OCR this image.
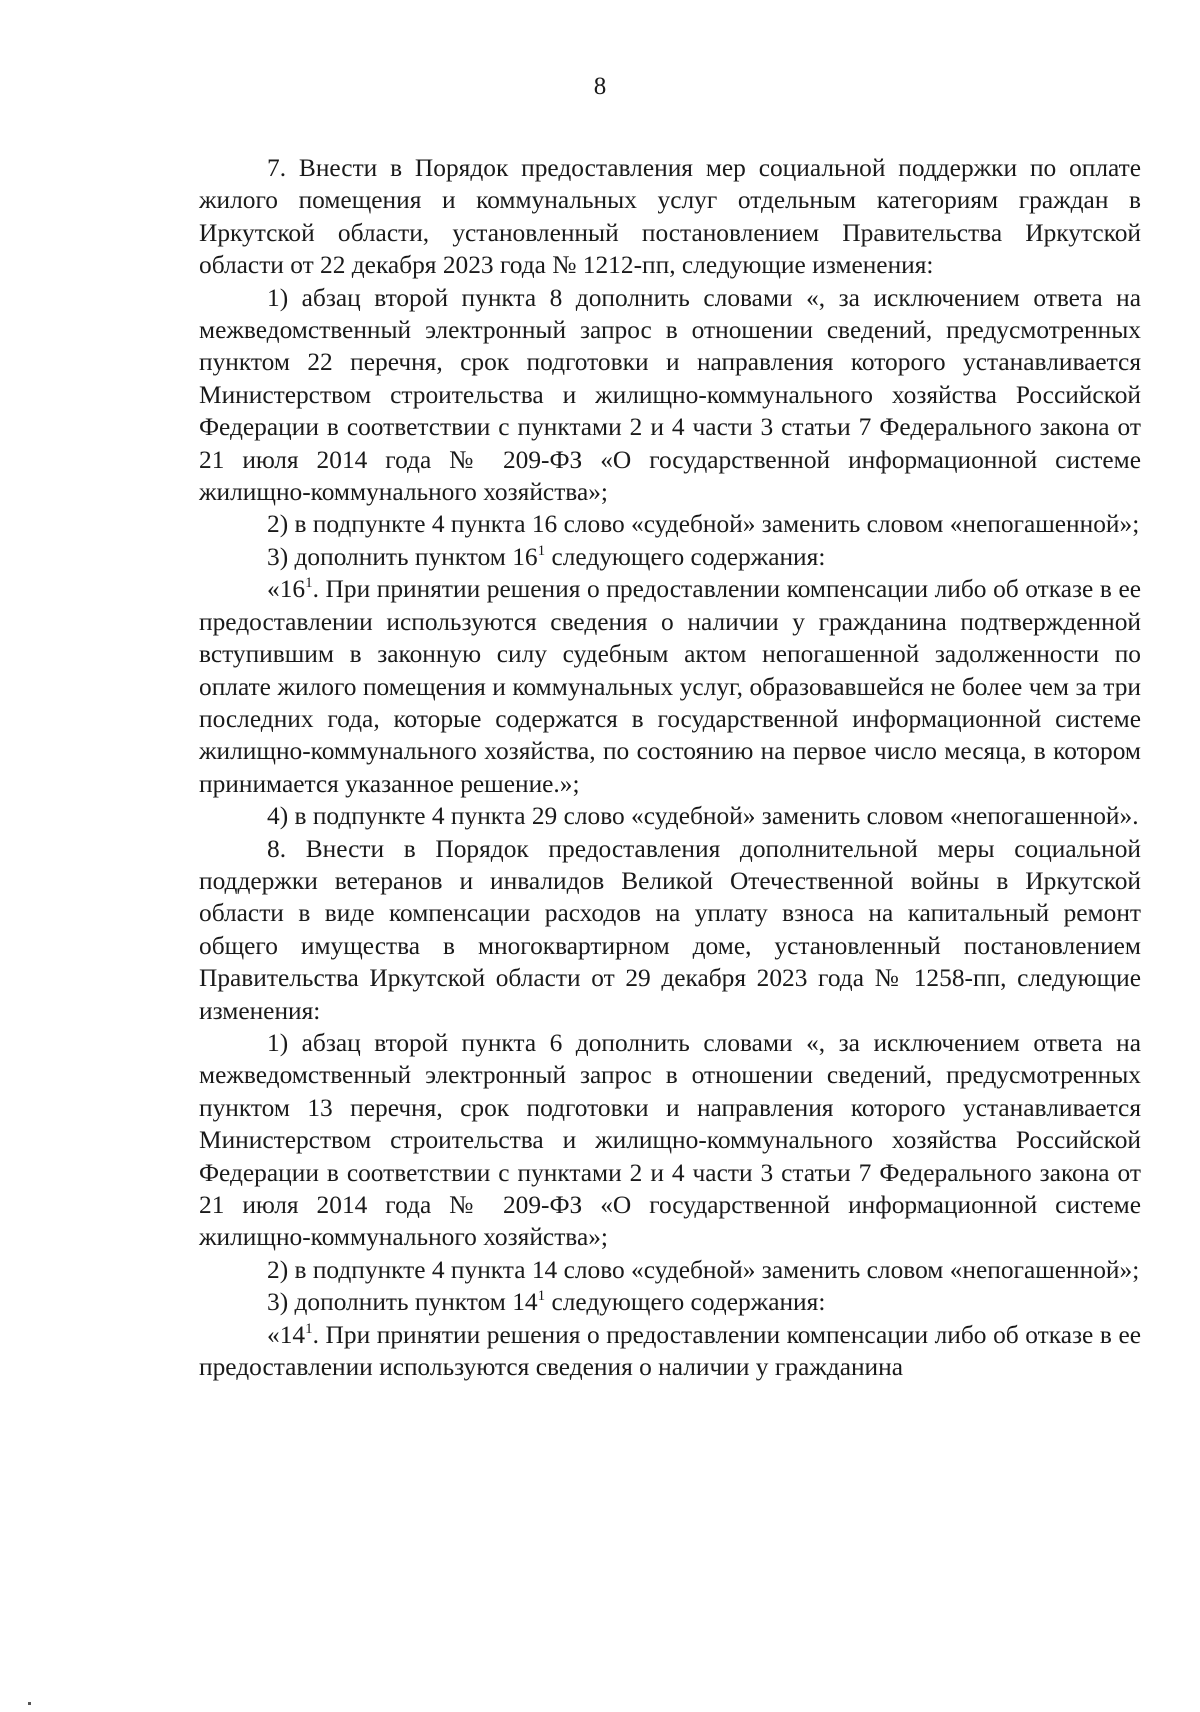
8

7. Внести в Порядок предоставления мер социальной поддержки по оплате жилого помещения и коммунальных услуг отдельным категориям граждан в Иркутской области, установленный постановлением Правительства Иркутской области от 22 декабря 2023 года № 1212-пп, следующие изменения:

1) абзац второй пункта 8 дополнить словами «, за исключением ответа на межведомственный электронный запрос в отношении сведений, предусмотренных пунктом 22 перечня, срок подготовки и направления которого устанавливается Министерством строительства и жилищно-коммунального хозяйства Российской Федерации в соответствии с пунктами 2 и 4 части 3 статьи 7 Федерального закона от 21 июля 2014 года № 209-ФЗ «О государственной информационной системе жилищно-коммунального хозяйства»;

2) в подпункте 4 пункта 16 слово «судебной» заменить словом «непогашенной»;

3) дополнить пунктом $16^1$ следующего содержания:

«$16^1$. При принятии решения о предоставлении компенсации либо об отказе в ее предоставлении используются сведения о наличии у гражданина подтвержденной вступившим в законную силу судебным актом непогашенной задолженности по оплате жилого помещения и коммунальных услуг, образовавшейся не более чем за три последних года, которые содержатся в государственной информационной системе жилищно-коммунального хозяйства, по состоянию на первое число месяца, в котором принимается указанное решение.»;

4) в подпункте 4 пункта 29 слово «судебной» заменить словом «непогашенной».

8. Внести в Порядок предоставления дополнительной меры социальной поддержки ветеранов и инвалидов Великой Отечественной войны в Иркутской области в виде компенсации расходов на уплату взноса на капитальный ремонт общего имущества в многоквартирном доме, установленный постановлением Правительства Иркутской области от 29 декабря 2023 года № 1258-пп, следующие изменения:

1) абзац второй пункта 6 дополнить словами «, за исключением ответа на межведомственный электронный запрос в отношении сведений, предусмотренных пунктом 13 перечня, срок подготовки и направления которого устанавливается Министерством строительства и жилищно-коммунального хозяйства Российской Федерации в соответствии с пунктами 2 и 4 части 3 статьи 7 Федерального закона от 21 июля 2014 года № 209-ФЗ «О государственной информационной системе жилищно-коммунального хозяйства»;

2) в подпункте 4 пункта 14 слово «судебной» заменить словом «непогашенной»;

3) дополнить пунктом $14^1$ следующего содержания:

«$14^1$. При принятии решения о предоставлении компенсации либо об отказе в ее предоставлении используются сведения о наличии у гражданина
